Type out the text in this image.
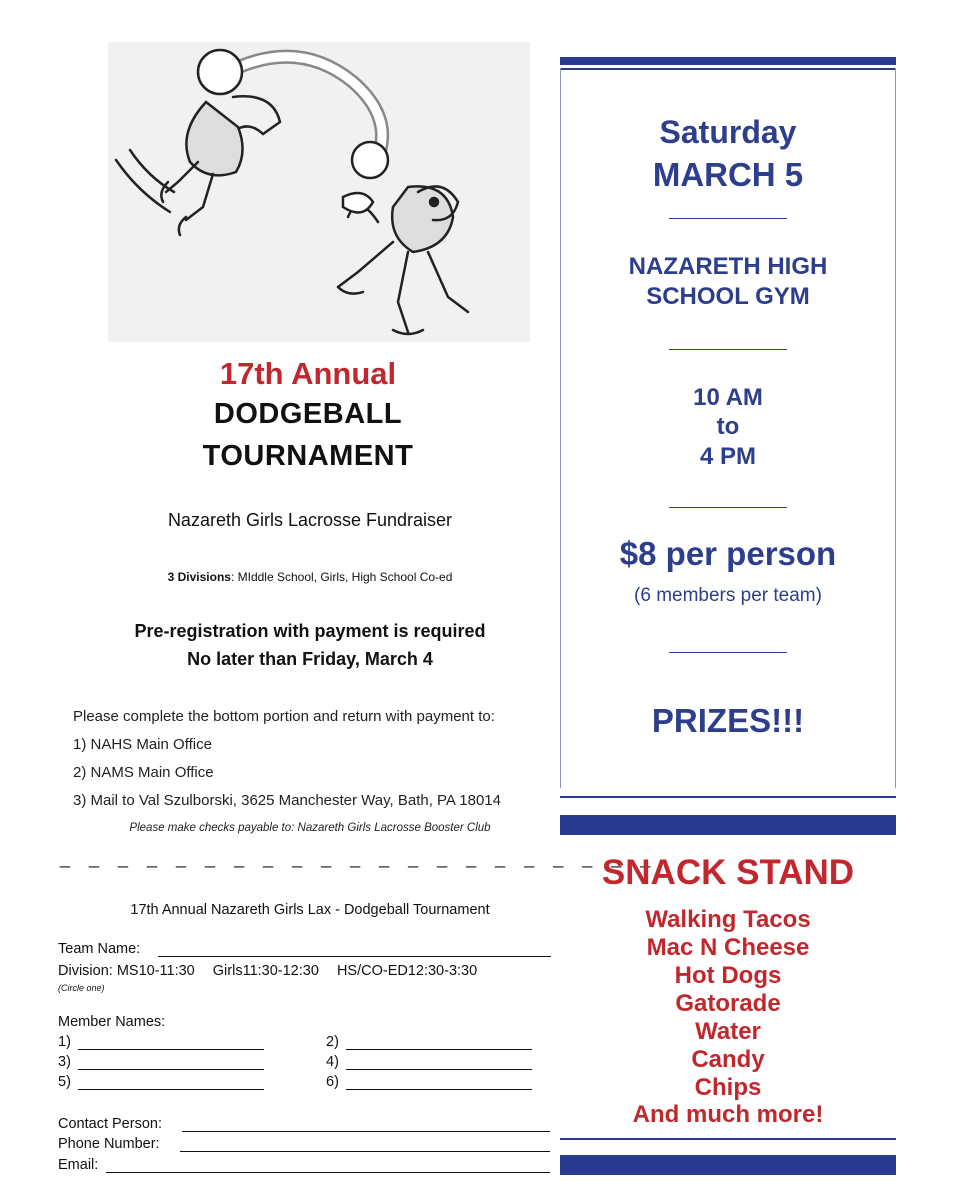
17th Annual
DODGEBALL
TOURNAMENT
Nazareth Girls Lacrosse Fundraiser
3 Divisions: MIddle School, Girls, High School Co-ed
Pre-registration with payment is required
No later than Friday, March 4
Please complete the bottom portion and return with payment to:
1) NAHS Main Office
2) NAMS Main Office
3) Mail to Val Szulborski, 3625 Manchester Way, Bath, PA 18014
Please make checks payable to: Nazareth Girls Lacrosse Booster Club
_ _ _ _ _ _ _ _ _ _ _ _ _ _ _ _ _ _ _ _ _
17th Annual Nazareth Girls Lax - Dodgeball Tournament
Team Name:
Division: MS10-11:30 Girls11:30-12:30 HS/CO-ED12:30-3:30
(Circle one)
Member Names:
1)	2)
3)	4)
5)	6)
Contact Person:
Phone Number:
Email:
Saturday
MARCH 5
NAZARETH HIGH
SCHOOL GYM
10 AM
to
4 PM
$8 per person
(6 members per team)
PRIZES!!!
SNACK STAND
Walking Tacos
Mac N Cheese
Hot Dogs
Gatorade
Water
Candy
Chips
And much more!
